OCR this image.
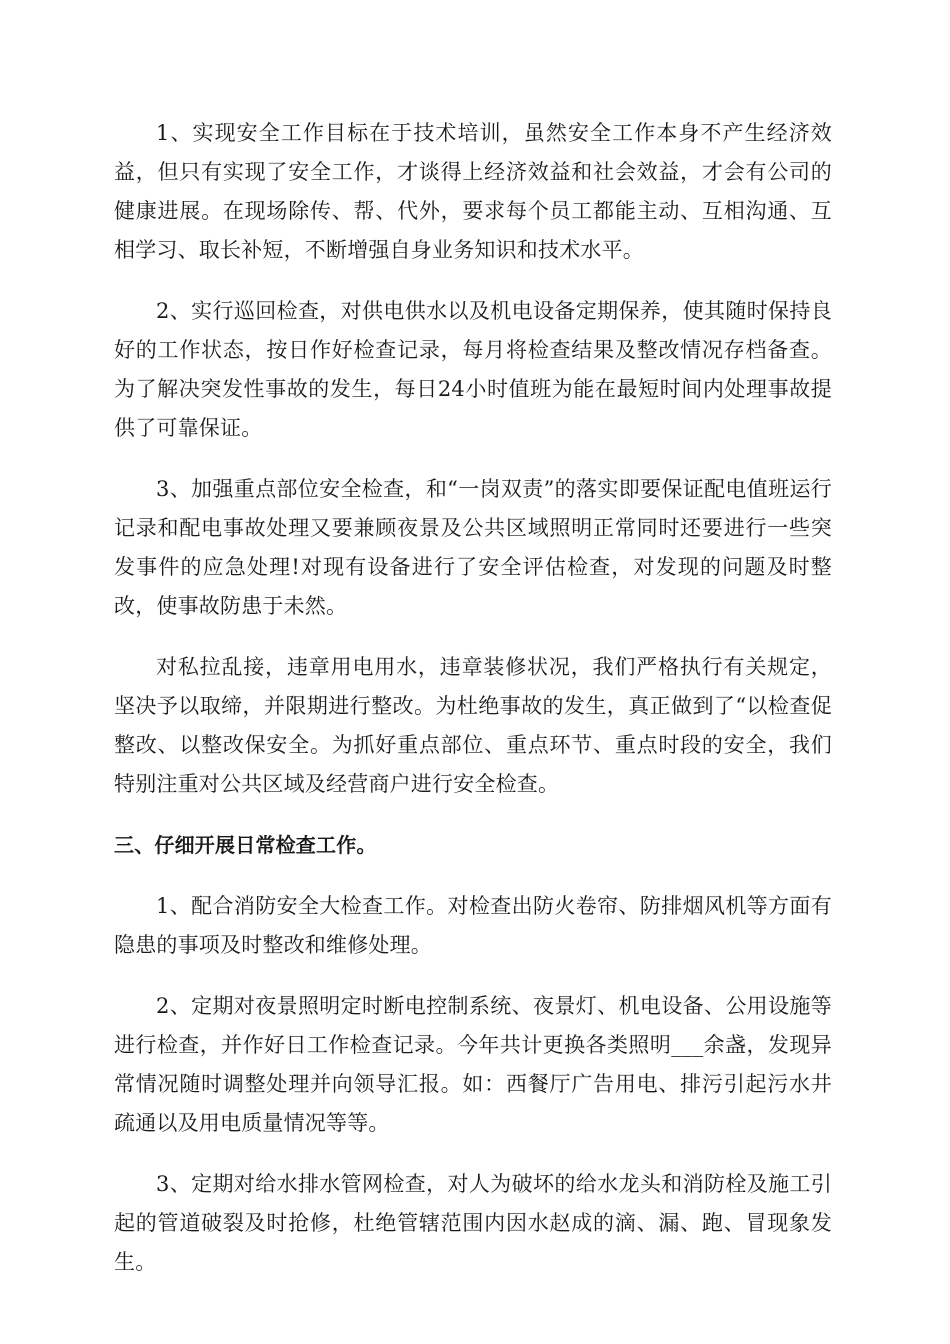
1、实现安全工作目标在于技术培训，虽然安全工作本身不产生经济效益，但只有实现了安全工作，才谈得上经济效益和社会效益，才会有公司的健康进展。在现场除传、帮、代外，要求每个员工都能主动、互相沟通、互相学习、取长补短，不断增强自身业务知识和技术水平。

2、实行巡回检查，对供电供水以及机电设备定期保养，使其随时保持良好的工作状态，按日作好检查记录，每月将检查结果及整改情况存档备查。为了解决突发性事故的发生，每日24小时值班为能在最短时间内处理事故提供了可靠保证。

3、加强重点部位安全检查，和“一岗双责”的落实即要保证配电值班运行记录和配电事故处理又要兼顾夜景及公共区域照明正常同时还要进行一些突发事件的应急处理!对现有设备进行了安全评估检查，对发现的问题及时整改，使事故防患于未然。

对私拉乱接，违章用电用水，违章装修状况，我们严格执行有关规定，坚决予以取缔，并限期进行整改。为杜绝事故的发生，真正做到了“以检查促整改、以整改保安全。为抓好重点部位、重点环节、重点时段的安全，我们特别注重对公共区域及经营商户进行安全检查。

三、仔细开展日常检查工作。

1、配合消防安全大检查工作。对检查出防火卷帘、防排烟风机等方面有隐患的事项及时整改和维修处理。

2、定期对夜景照明定时断电控制系统、夜景灯、机电设备、公用设施等进行检查，并作好日工作检查记录。今年共计更换各类照明___余盏，发现异常情况随时调整处理并向领导汇报。如：西餐厅广告用电、排污引起污水井疏通以及用电质量情况等等。

3、定期对给水排水管网检查，对人为破坏的给水龙头和消防栓及施工引起的管道破裂及时抢修，杜绝管辖范围内因水赵成的滴、漏、跑、冒现象发生。
